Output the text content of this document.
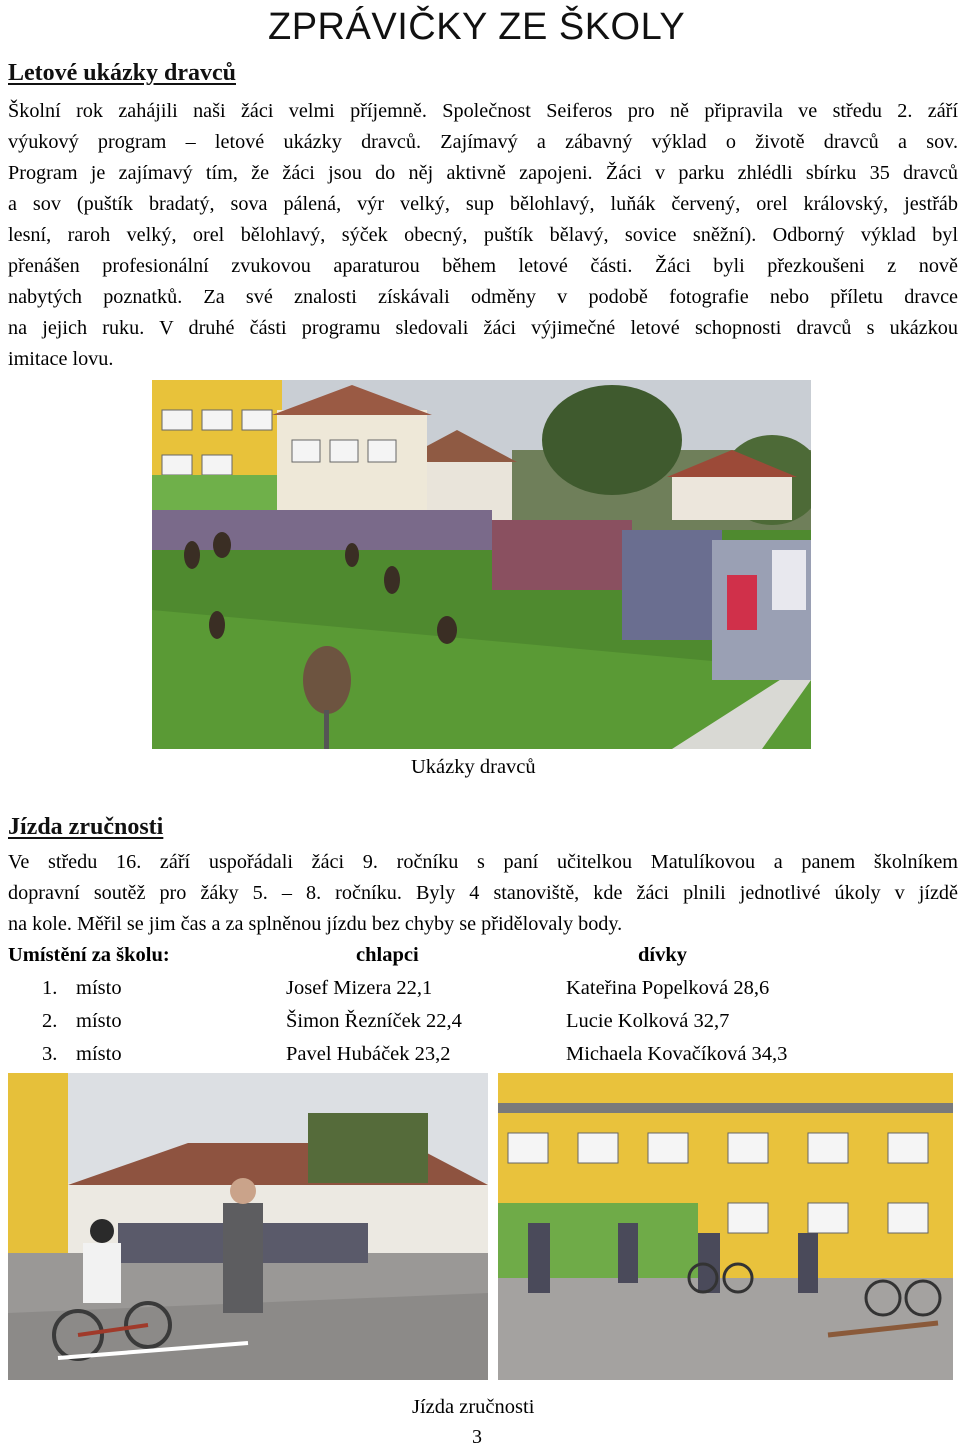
ZPRÁVIČKY ZE ŠKOLY
Letové ukázky dravců
Školní rok zahájili naši žáci velmi příjemně. Společnost Seiferos pro ně připravila ve středu 2. září
výukový program – letové ukázky dravců. Zajímavý a zábavný výklad o životě dravců a sov.
Program je zajímavý tím, že žáci jsou do něj aktivně zapojeni. Žáci v parku zhlédli sbírku 35 dravců
a sov (puštík bradatý, sova pálená, výr velký, sup bělohlavý, luňák červený, orel královský, jestřáb
lesní, raroh velký, orel bělohlavý, sýček obecný, puštík bělavý, sovice sněžní). Odborný výklad byl
přenášen profesionální zvukovou aparaturou během letové části. Žáci byli přezkoušeni z nově
nabytých poznatků. Za své znalosti získávali odměny v podobě fotografie nebo příletu dravce
na jejich ruku. V druhé části programu sledovali žáci výjimečné letové schopnosti dravců s ukázkou
imitace lovu.
Ukázky dravců
Jízda zručnosti
Ve středu 16. září uspořádali žáci 9. ročníku s paní učitelkou Matulíkovou a panem školníkem
dopravní soutěž pro žáky 5. – 8. ročníku. Byly 4 stanoviště, kde žáci plnili jednotlivé úkoly v jízdě
na kole. Měřil se jim čas a za splněnou jízdu bez chyby se přidělovaly body.
Umístění za školu:	chlapci	dívky
1. místo	Josef Mizera 22,1	Kateřina Popelková 28,6
2. místo	Šimon Řezníček 22,4	Lucie Kolková 32,7
3. místo	Pavel Hubáček 23,2	Michaela Kovačíková 34,3
Jízda zručnosti
3
